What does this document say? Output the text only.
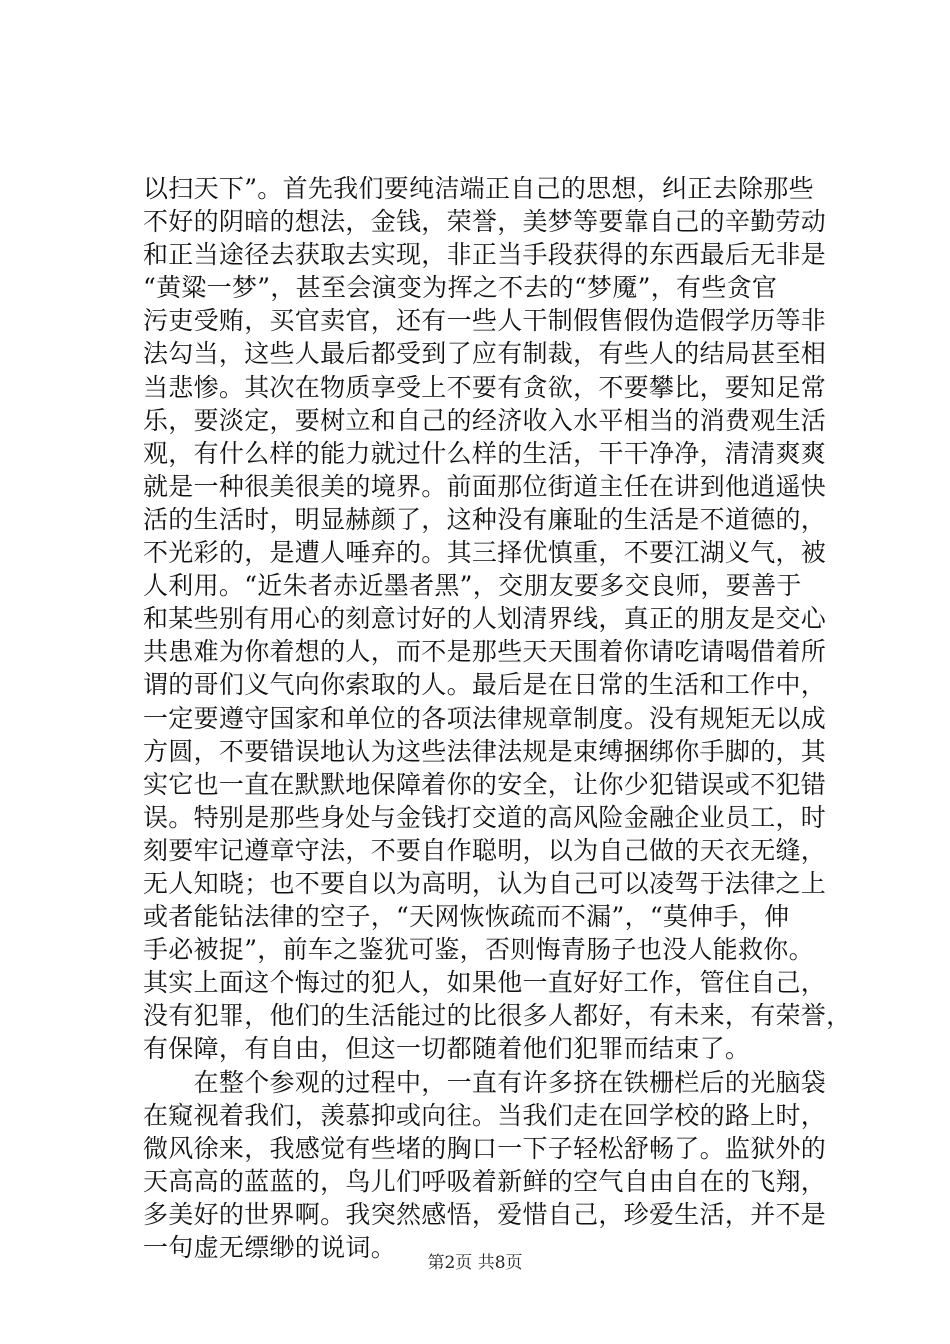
以扫天下”。首先我们要纯洁端正自己的思想，纠正去除那些
不好的阴暗的想法，金钱，荣誉，美梦等要靠自己的辛勤劳动
和正当途径去获取去实现，非正当手段获得的东西最后无非是
“黄粱一梦”，甚至会演变为挥之不去的“梦魇”，有些贪官
污吏受贿，买官卖官，还有一些人干制假售假伪造假学历等非
法勾当，这些人最后都受到了应有制裁，有些人的结局甚至相
当悲惨。其次在物质享受上不要有贪欲，不要攀比，要知足常
乐，要淡定，要树立和自己的经济收入水平相当的消费观生活
观，有什么样的能力就过什么样的生活，干干净净，清清爽爽
就是一种很美很美的境界。前面那位街道主任在讲到他逍遥快
活的生活时，明显赫颜了，这种没有廉耻的生活是不道德的，
不光彩的，是遭人唾弃的。其三择优慎重，不要江湖义气，被
人利用。“近朱者赤近墨者黑”，交朋友要多交良师，要善于
和某些别有用心的刻意讨好的人划清界线，真正的朋友是交心
共患难为你着想的人，而不是那些天天围着你请吃请喝借着所
谓的哥们义气向你索取的人。最后是在日常的生活和工作中，
一定要遵守国家和单位的各项法律规章制度。没有规矩无以成
方圆，不要错误地认为这些法律法规是束缚捆绑你手脚的，其
实它也一直在默默地保障着你的安全，让你少犯错误或不犯错
误。特别是那些身处与金钱打交道的高风险金融企业员工，时
刻要牢记遵章守法，不要自作聪明，以为自己做的天衣无缝，
无人知晓；也不要自以为高明，认为自己可以凌驾于法律之上
或者能钻法律的空子，“天网恢恢疏而不漏”，“莫伸手，伸
手必被捉”，前车之鉴犹可鉴，否则悔青肠子也没人能救你。
其实上面这个悔过的犯人，如果他一直好好工作，管住自己，
没有犯罪，他们的生活能过的比很多人都好，有未来，有荣誉，
有保障，有自由，但这一切都随着他们犯罪而结束了。
　　在整个参观的过程中，一直有许多挤在铁栅栏后的光脑袋
在窥视着我们，羡慕抑或向往。当我们走在回学校的路上时，
微风徐来，我感觉有些堵的胸口一下子轻松舒畅了。监狱外的
天高高的蓝蓝的，鸟儿们呼吸着新鲜的空气自由自在的飞翔，
多美好的世界啊。我突然感悟，爱惜自己，珍爱生活，并不是
一句虚无缥缈的说词。
第2页 共8页
